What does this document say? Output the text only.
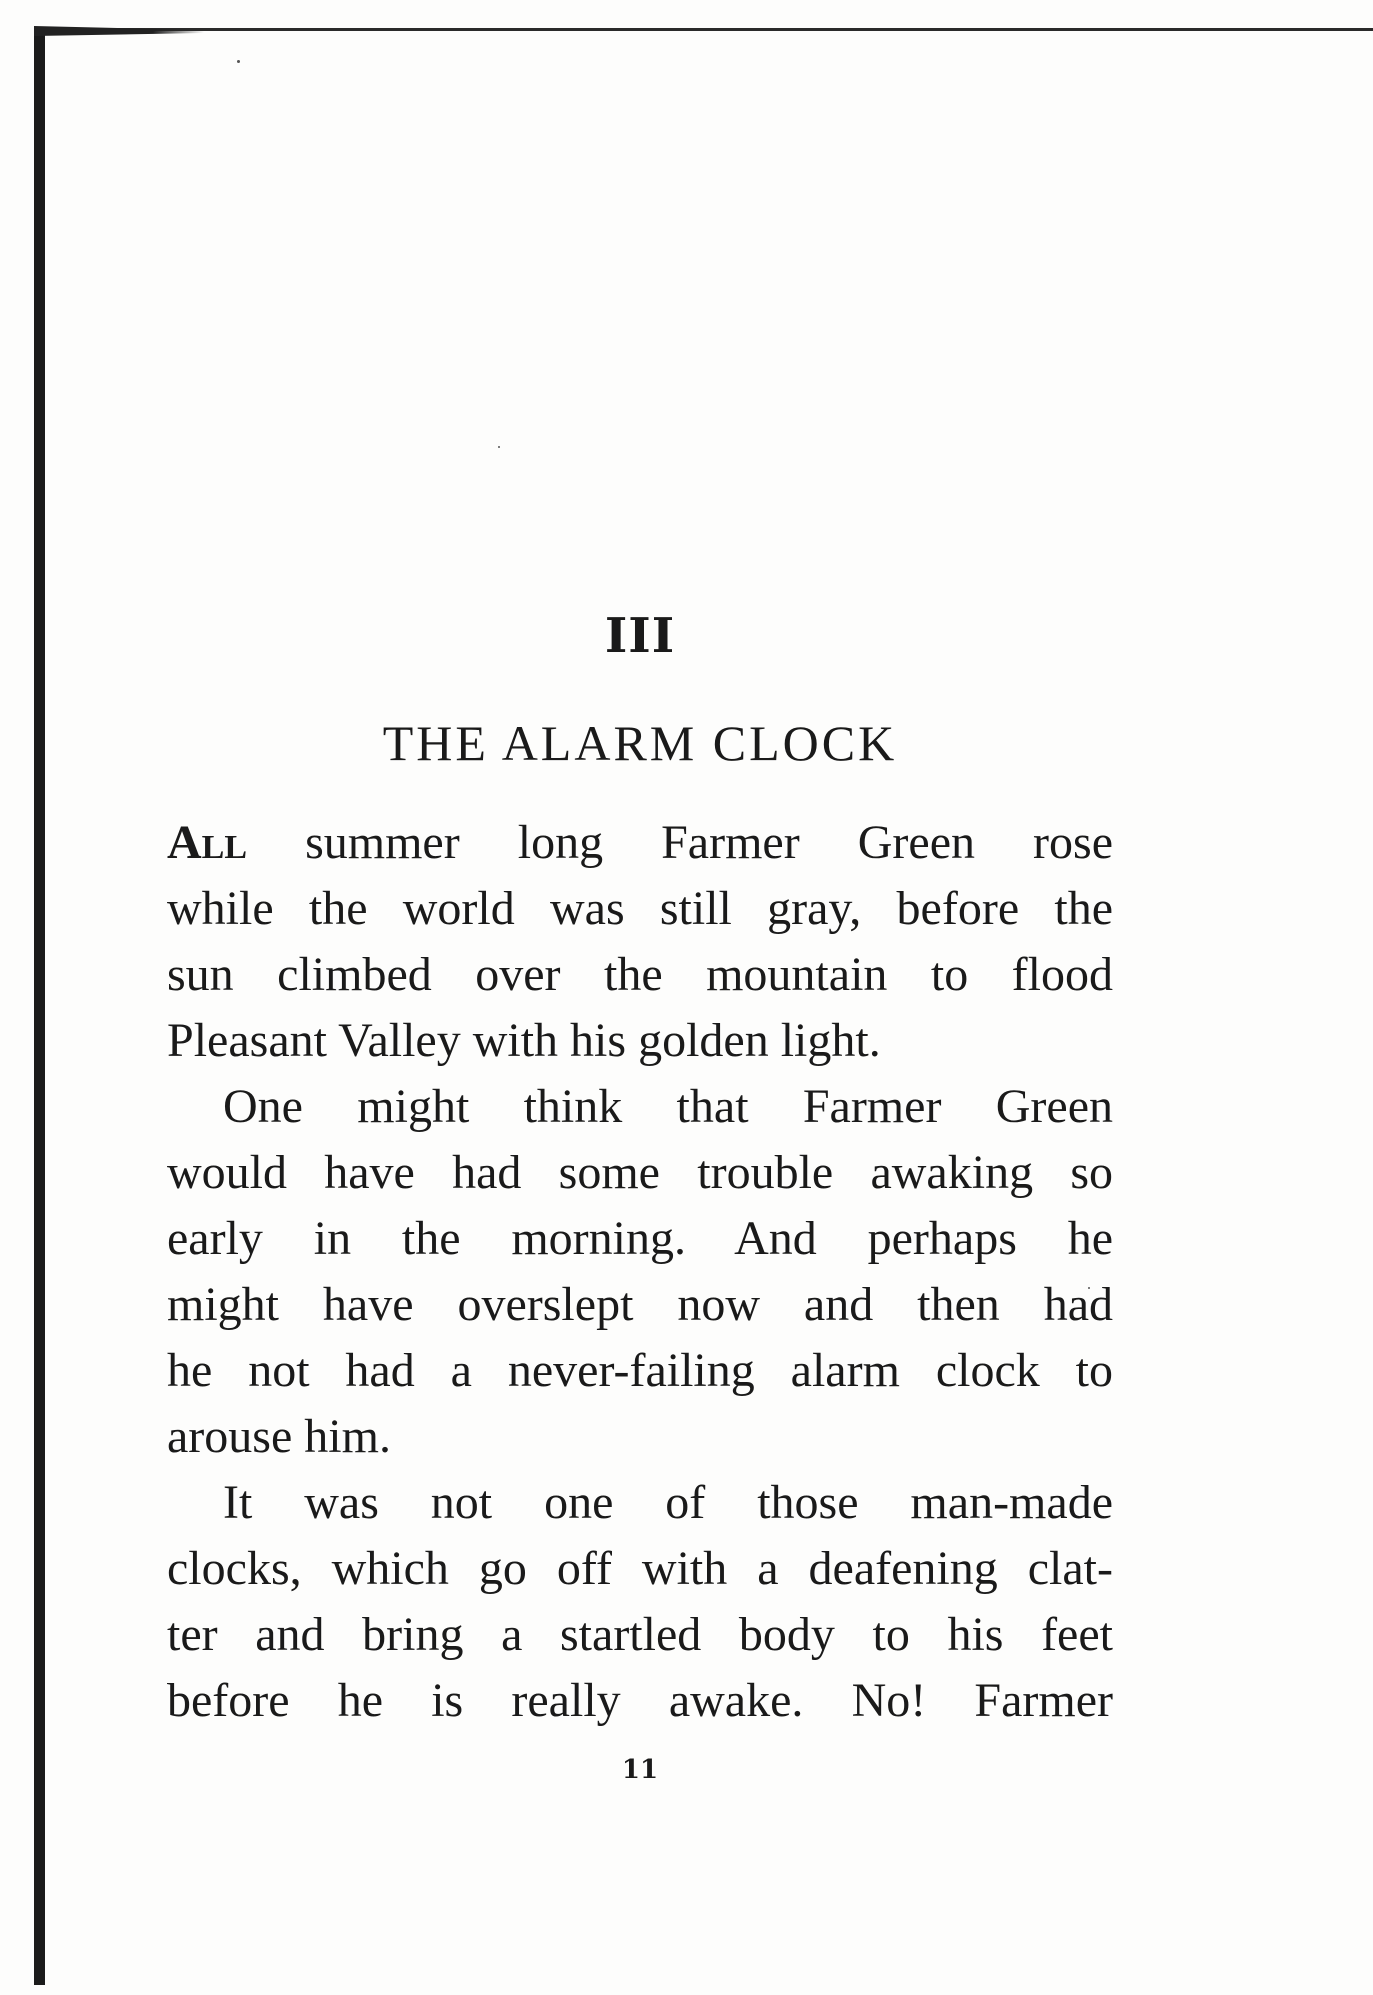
III
THE ALARM CLOCK
All summer long Farmer Green rose
while the world was still gray, before the
sun climbed over the mountain to flood
Pleasant Valley with his golden light.
One might think that Farmer Green
would have had some trouble awaking so
early in the morning. And perhaps he
might have overslept now and then had
he not had a never-failing alarm clock to
arouse him.
It was not one of those man-made
clocks, which go off with a deafening clat-
ter and bring a startled body to his feet
before he is really awake. No! Farmer
11
